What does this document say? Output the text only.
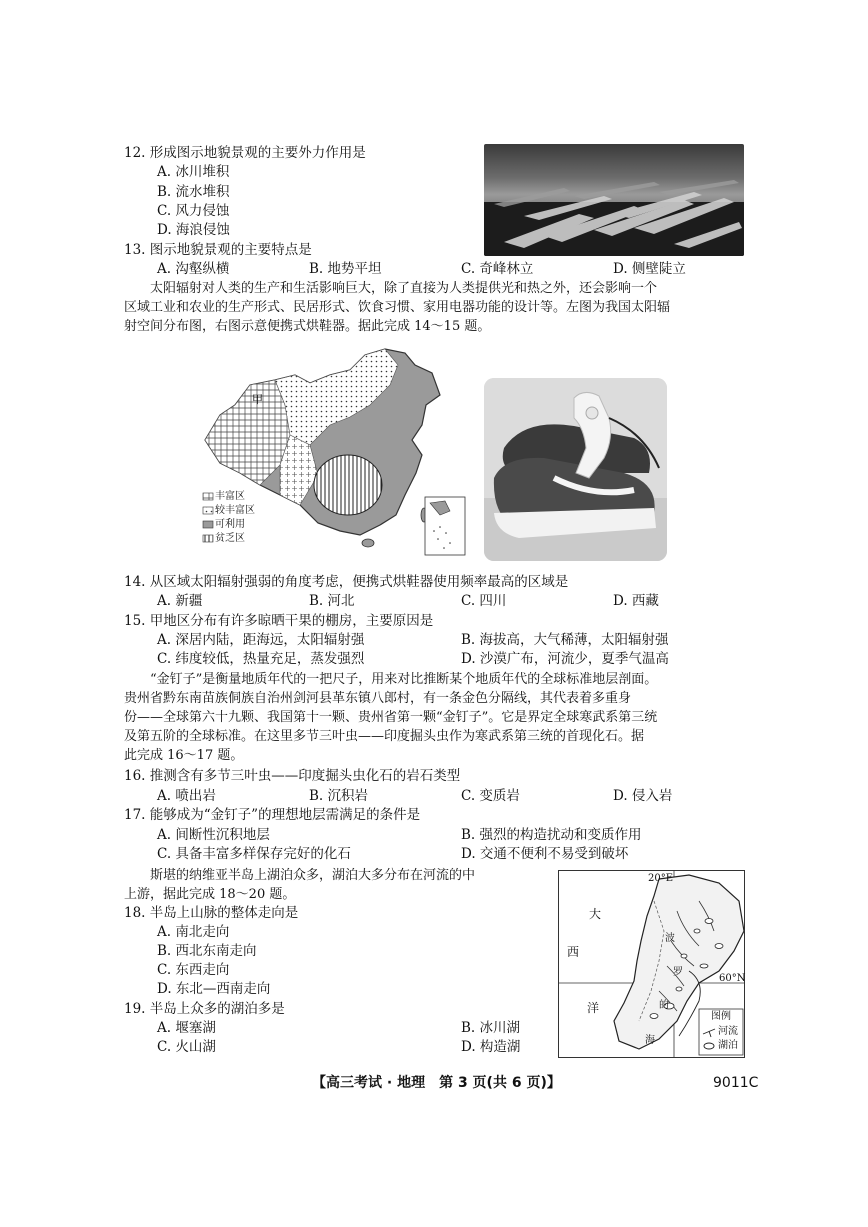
12. 形成图示地貌景观的主要外力作用是
A. 冰川堆积
B. 流水堆积
C. 风力侵蚀
D. 海浪侵蚀
13. 图示地貌景观的主要特点是
A. 沟壑纵横	B. 地势平坦	C. 奇峰林立	D. 侧壁陡立
太阳辐射对人类的生产和生活影响巨大，除了直接为人类提供光和热之外，还会影响一个
区域工业和农业的生产形式、民居形式、饮食习惯、家用电器功能的设计等。左图为我国太阳辐
射空间分布图，右图示意便携式烘鞋器。据此完成 14～15 题。
甲
丰富区
较丰富区
可利用
贫乏区
14. 从区域太阳辐射强弱的角度考虑，便携式烘鞋器使用频率最高的区域是
A. 新疆	B. 河北	C. 四川	D. 西藏
15. 甲地区分布有许多晾晒干果的棚房，主要原因是
A. 深居内陆，距海远，太阳辐射强	B. 海拔高，大气稀薄，太阳辐射强
C. 纬度较低，热量充足，蒸发强烈	D. 沙漠广布，河流少，夏季气温高
“金钉子”是衡量地质年代的一把尺子，用来对比推断某个地质年代的全球标准地层剖面。
贵州省黔东南苗族侗族自治州剑河县革东镇八郎村，有一条金色分隔线，其代表着多重身
份——全球第六十九颗、我国第十一颗、贵州省第一颗“金钉子”。它是界定全球寒武系第三统
及第五阶的全球标准。在这里多节三叶虫——印度掘头虫作为寒武系第三统的首现化石。据
此完成 16～17 题。
16. 推测含有多节三叶虫——印度掘头虫化石的岩石类型
A. 喷出岩	B. 沉积岩	C. 变质岩	D. 侵入岩
17. 能够成为“金钉子”的理想地层需满足的条件是
A. 间断性沉积地层	B. 强烈的构造扰动和变质作用
C. 具备丰富多样保存完好的化石	D. 交通不便利不易受到破坏
斯堪的纳维亚半岛上湖泊众多，湖泊大多分布在河流的中
上游，据此完成 18～20 题。
20°E
60°N
大
西
洋
波
罗
的
海
图例
河流
湖泊
18. 半岛上山脉的整体走向是
A. 南北走向
B. 西北东南走向
C. 东西走向
D. 东北—西南走向
19. 半岛上众多的湖泊多是
A. 堰塞湖	B. 冰川湖
C. 火山湖	D. 构造湖
【高三考试 · 地理　第 3 页(共 6 页)】	9011C
